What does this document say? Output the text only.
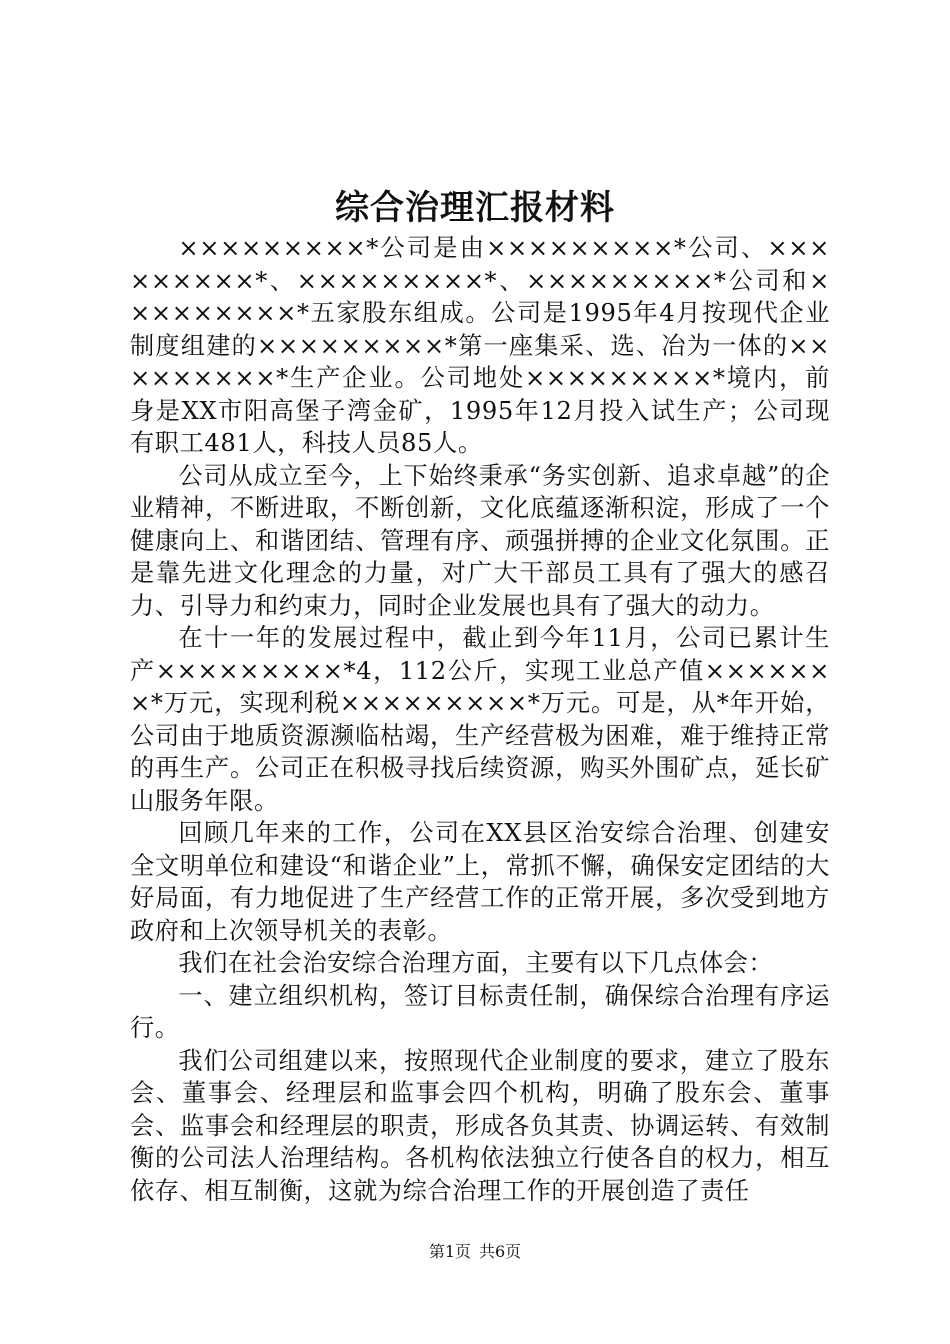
综合治理汇报材料

×××××××××*公司是由×××××××××*公司、×××××××××*、×××××××××*、×××××××××*公司和×××××××××*五家股东组成。公司是1995年4月按现代企业制度组建的×××××××××*第一座集采、选、冶为一体的×××××××××*生产企业。公司地处×××××××××*境内，前身是XX市阳高堡子湾金矿，1995年12月投入试生产；公司现有职工481人，科技人员85人。

公司从成立至今，上下始终秉承“务实创新、追求卓越”的企业精神，不断进取，不断创新，文化底蕴逐渐积淀，形成了一个健康向上、和谐团结、管理有序、顽强拼搏的企业文化氛围。正是靠先进文化理念的力量，对广大干部员工具有了强大的感召力、引导力和约束力，同时企业发展也具有了强大的动力。

在十一年的发展过程中，截止到今年11月，公司已累计生产×××××××××*4，112公斤，实现工业总产值×××××××*万元，实现利税×××××××××*万元。可是，从*年开始，公司由于地质资源濒临枯竭，生产经营极为困难，难于维持正常的再生产。公司正在积极寻找后续资源，购买外围矿点，延长矿山服务年限。

回顾几年来的工作，公司在XX县区治安综合治理、创建安全文明单位和建设“和谐企业”上，常抓不懈，确保安定团结的大好局面，有力地促进了生产经营工作的正常开展，多次受到地方政府和上次领导机关的表彰。

我们在社会治安综合治理方面，主要有以下几点体会：

一、建立组织机构，签订目标责任制，确保综合治理有序运行。

我们公司组建以来，按照现代企业制度的要求，建立了股东会、董事会、经理层和监事会四个机构，明确了股东会、董事会、监事会和经理层的职责，形成各负其责、协调运转、有效制衡的公司法人治理结构。各机构依法独立行使各自的权力，相互依存、相互制衡，这就为综合治理工作的开展创造了责任

第1页 共6页
